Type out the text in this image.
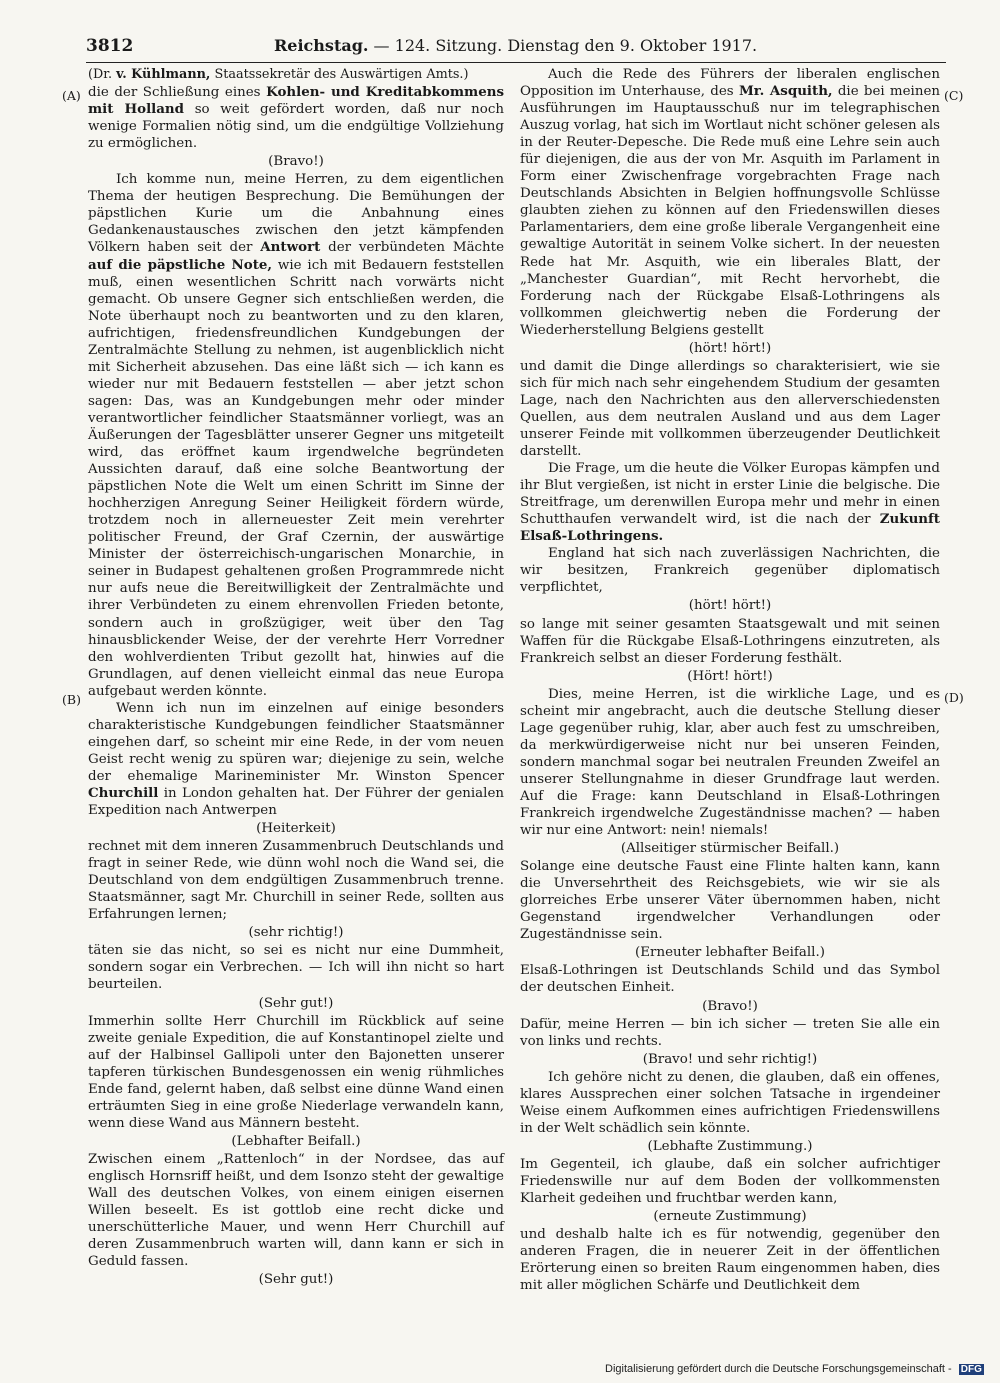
3812	Reichstag. — 124. Sitzung. Dienstag den 9. Oktober 1917.
(A)
(B)
(C)
(D)

(Dr. v. Kühlmann, Staatssekretär des Auswärtigen Amts.)

die der Schließung eines Kohlen- und Kreditabkommens mit Holland so weit gefördert worden, daß nur noch wenige Formalien nötig sind, um die endgültige Vollziehung zu ermöglichen.

(Bravo!)

Ich komme nun, meine Herren, zu dem eigentlichen Thema der heutigen Besprechung. Die Bemühungen der päpstlichen Kurie um die Anbahnung eines Gedankenaustausches zwischen den jetzt kämpfenden Völkern haben seit der Antwort der verbündeten Mächte auf die päpstliche Note, wie ich mit Bedauern feststellen muß, einen wesentlichen Schritt nach vorwärts nicht gemacht. Ob unsere Gegner sich entschließen werden, die Note überhaupt noch zu beantworten und zu den klaren, aufrichtigen, friedensfreundlichen Kundgebungen der Zentralmächte Stellung zu nehmen, ist augenblicklich nicht mit Sicherheit abzusehen. Das eine läßt sich — ich kann es wieder nur mit Bedauern feststellen — aber jetzt schon sagen: Das, was an Kundgebungen mehr oder minder verantwortlicher feindlicher Staatsmänner vorliegt, was an Äußerungen der Tagesblätter unserer Gegner uns mitgeteilt wird, das eröffnet kaum irgendwelche begründeten Aussichten darauf, daß eine solche Beantwortung der päpstlichen Note die Welt um einen Schritt im Sinne der hochherzigen Anregung Seiner Heiligkeit fördern würde, trotzdem noch in allerneuester Zeit mein verehrter politischer Freund, der Graf Czernin, der auswärtige Minister der österreichisch-ungarischen Monarchie, in seiner in Budapest gehaltenen großen Programmrede nicht nur aufs neue die Bereitwilligkeit der Zentralmächte und ihrer Verbündeten zu einem ehrenvollen Frieden betonte, sondern auch in großzügiger, weit über den Tag hinausblickender Weise, der der verehrte Herr Vorredner den wohlverdienten Tribut gezollt hat, hinwies auf die Grundlagen, auf denen vielleicht einmal das neue Europa aufgebaut werden könnte.

Wenn ich nun im einzelnen auf einige besonders charakteristische Kundgebungen feindlicher Staatsmänner eingehen darf, so scheint mir eine Rede, in der vom neuen Geist recht wenig zu spüren war; diejenige zu sein, welche der ehemalige Marineminister Mr. Winston Spencer Churchill in London gehalten hat. Der Führer der genialen Expedition nach Antwerpen

(Heiterkeit)

rechnet mit dem inneren Zusammenbruch Deutschlands und fragt in seiner Rede, wie dünn wohl noch die Wand sei, die Deutschland von dem endgültigen Zusammenbruch trenne. Staatsmänner, sagt Mr. Churchill in seiner Rede, sollten aus Erfahrungen lernen;

(sehr richtig!)

täten sie das nicht, so sei es nicht nur eine Dummheit, sondern sogar ein Verbrechen. — Ich will ihn nicht so hart beurteilen.

(Sehr gut!)

Immerhin sollte Herr Churchill im Rückblick auf seine zweite geniale Expedition, die auf Konstantinopel zielte und auf der Halbinsel Gallipoli unter den Bajonetten unserer tapferen türkischen Bundesgenossen ein wenig rühmliches Ende fand, gelernt haben, daß selbst eine dünne Wand einen erträumten Sieg in eine große Niederlage verwandeln kann, wenn diese Wand aus Männern besteht.

(Lebhafter Beifall.)

Zwischen einem „Rattenloch“ in der Nordsee, das auf englisch Hornsriff heißt, und dem Isonzo steht der gewaltige Wall des deutschen Volkes, von einem einigen eisernen Willen beseelt. Es ist gottlob eine recht dicke und unerschütterliche Mauer, und wenn Herr Churchill auf deren Zusammenbruch warten will, dann kann er sich in Geduld fassen.

(Sehr gut!)

Auch die Rede des Führers der liberalen englischen Opposition im Unterhause, des Mr. Asquith, die bei meinen Ausführungen im Hauptausschuß nur im telegraphischen Auszug vorlag, hat sich im Wortlaut nicht schöner gelesen als in der Reuter-Depesche. Die Rede muß eine Lehre sein auch für diejenigen, die aus der von Mr. Asquith im Parlament in Form einer Zwischenfrage vorgebrachten Frage nach Deutschlands Absichten in Belgien hoffnungsvolle Schlüsse glaubten ziehen zu können auf den Friedenswillen dieses Parlamentariers, dem eine große liberale Vergangenheit eine gewaltige Autorität in seinem Volke sichert. In der neuesten Rede hat Mr. Asquith, wie ein liberales Blatt, der „Manchester Guardian“, mit Recht hervorhebt, die Forderung nach der Rückgabe Elsaß-Lothringens als vollkommen gleichwertig neben die Forderung der Wiederherstellung Belgiens gestellt

(hört! hört!)

und damit die Dinge allerdings so charakterisiert, wie sie sich für mich nach sehr eingehendem Studium der gesamten Lage, nach den Nachrichten aus den allerverschiedensten Quellen, aus dem neutralen Ausland und aus dem Lager unserer Feinde mit vollkommen überzeugender Deutlichkeit darstellt.

Die Frage, um die heute die Völker Europas kämpfen und ihr Blut vergießen, ist nicht in erster Linie die belgische. Die Streitfrage, um derenwillen Europa mehr und mehr in einen Schutthaufen verwandelt wird, ist die nach der Zukunft Elsaß-Lothringens.

England hat sich nach zuverlässigen Nachrichten, die wir besitzen, Frankreich gegenüber diplomatisch verpflichtet,

(hört! hört!)

so lange mit seiner gesamten Staatsgewalt und mit seinen Waffen für die Rückgabe Elsaß-Lothringens einzutreten, als Frankreich selbst an dieser Forderung festhält.

(Hört! hört!)

Dies, meine Herren, ist die wirkliche Lage, und es scheint mir angebracht, auch die deutsche Stellung dieser Lage gegenüber ruhig, klar, aber auch fest zu umschreiben, da merkwürdigerweise nicht nur bei unseren Feinden, sondern manchmal sogar bei neutralen Freunden Zweifel an unserer Stellungnahme in dieser Grundfrage laut werden. Auf die Frage: kann Deutschland in Elsaß-Lothringen Frankreich irgendwelche Zugeständnisse machen? — haben wir nur eine Antwort: nein! niemals!

(Allseitiger stürmischer Beifall.)

Solange eine deutsche Faust eine Flinte halten kann, kann die Unversehrtheit des Reichsgebiets, wie wir sie als glorreiches Erbe unserer Väter übernommen haben, nicht Gegenstand irgendwelcher Verhandlungen oder Zugeständnisse sein.

(Erneuter lebhafter Beifall.)

Elsaß-Lothringen ist Deutschlands Schild und das Symbol der deutschen Einheit.

(Bravo!)

Dafür, meine Herren — bin ich sicher — treten Sie alle ein von links und rechts.

(Bravo! und sehr richtig!)

Ich gehöre nicht zu denen, die glauben, daß ein offenes, klares Aussprechen einer solchen Tatsache in irgendeiner Weise einem Aufkommen eines aufrichtigen Friedenswillens in der Welt schädlich sein könnte.

(Lebhafte Zustimmung.)

Im Gegenteil, ich glaube, daß ein solcher aufrichtiger Friedenswille nur auf dem Boden der vollkommensten Klarheit gedeihen und fruchtbar werden kann,

(erneute Zustimmung)

und deshalb halte ich es für notwendig, gegenüber den anderen Fragen, die in neuerer Zeit in der öffentlichen Erörterung einen so breiten Raum eingenommen haben, dies mit aller möglichen Schärfe und Deutlichkeit dem

Digitalisierung gefördert durch die Deutsche Forschungsgemeinschaft - DFG
